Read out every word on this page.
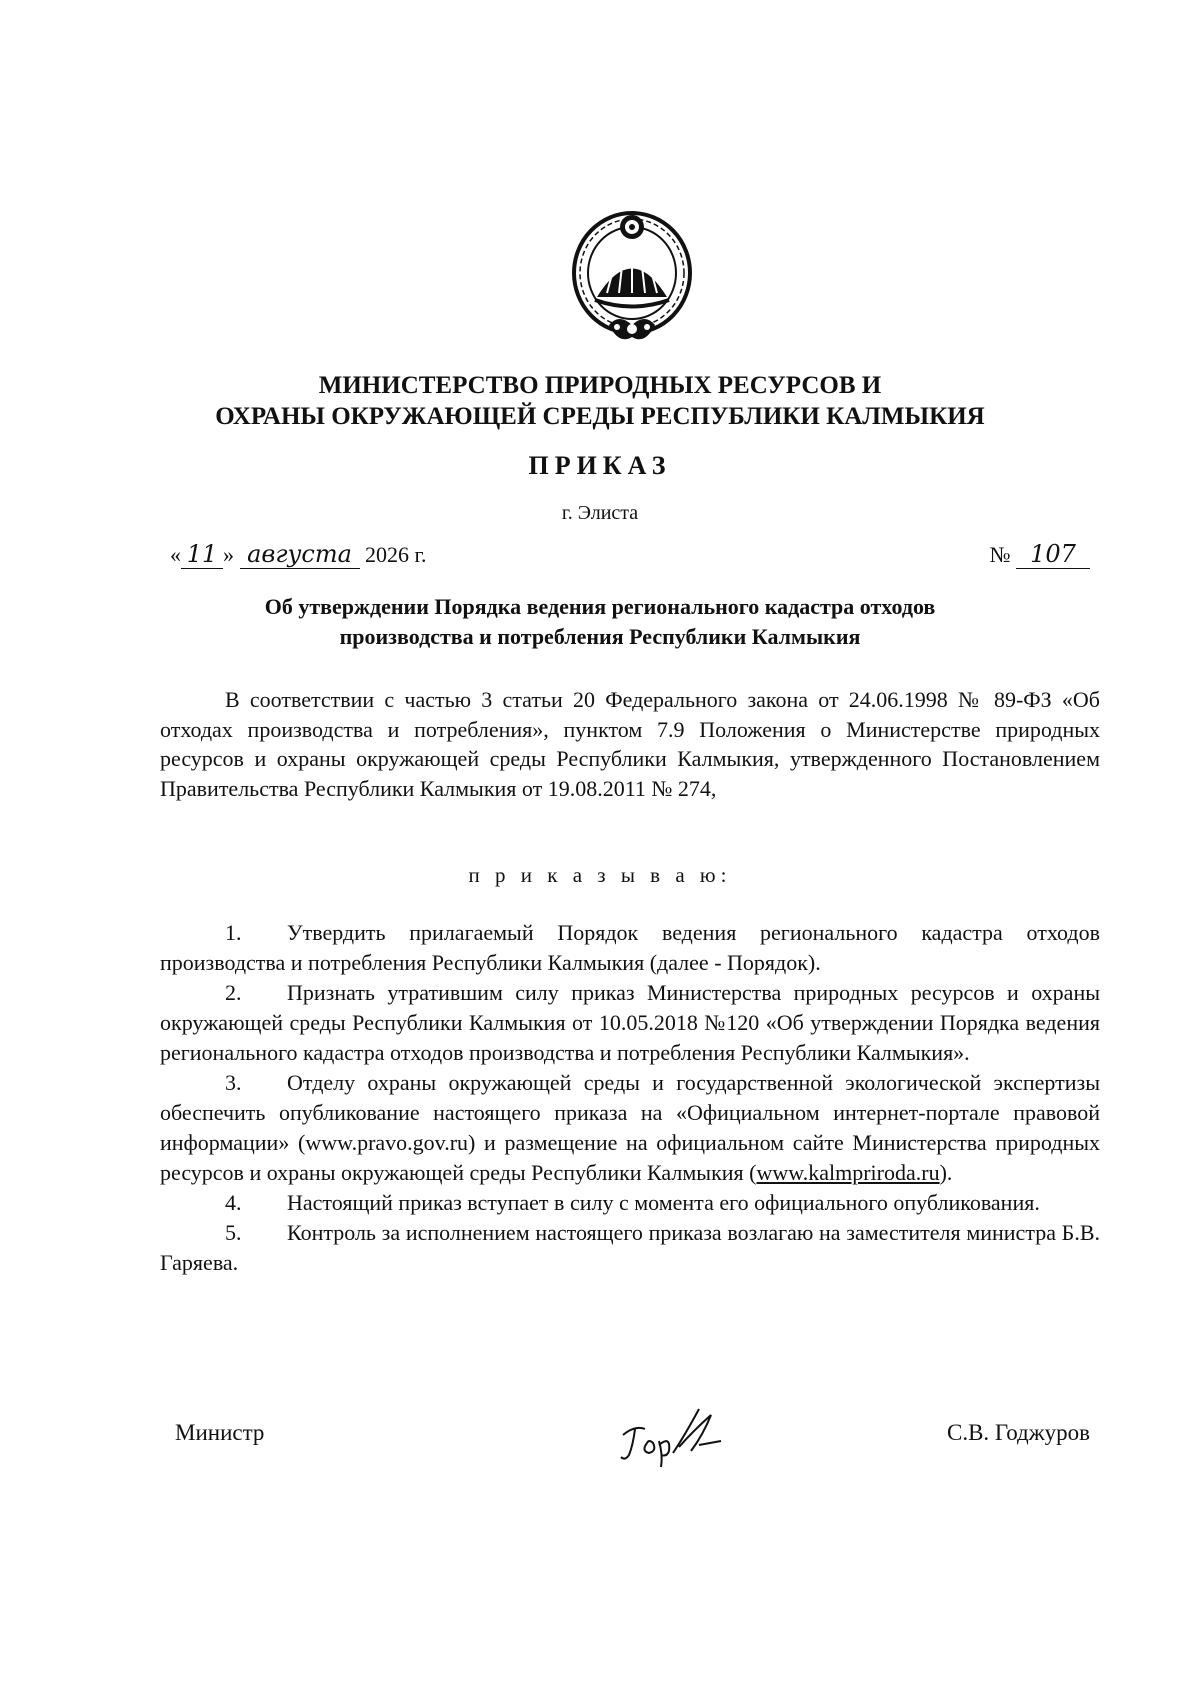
МИНИСТЕРСТВО ПРИРОДНЫХ РЕСУРСОВ И
ОХРАНЫ ОКРУЖАЮЩЕЙ СРЕДЫ РЕСПУБЛИКИ КАЛМЫКИЯ
ПРИКАЗ
г. Элиста
« 11 » августа 2026 г.	№ 107
Об утверждении Порядка ведения регионального кадастра отходов
производства и потребления Республики Калмыкия

В соответствии с частью 3 статьи 20 Федерального закона от 24.06.1998 № 89-ФЗ «Об отходах производства и потребления», пунктом 7.9 Положения о Министерстве природных ресурсов и охраны окружающей среды Республики Калмыкия, утвержденного Постановлением Правительства Республики Калмыкия от 19.08.2011 № 274,

п р и к а з ы в а ю:
1. Утвердить прилагаемый Порядок ведения регионального кадастра отходов производства и потребления Республики Калмыкия (далее - Порядок).
2. Признать утратившим силу приказ Министерства природных ресурсов и охраны окружающей среды Республики Калмыкия от 10.05.2018 №120 «Об утверждении Порядка ведения регионального кадастра отходов производства и потребления Республики Калмыкия».
3. Отделу охраны окружающей среды и государственной экологической экспертизы обеспечить опубликование настоящего приказа на «Официальном интернет-портале правовой информации» (www.pravo.gov.ru) и размещение на официальном сайте Министерства природных ресурсов и охраны окружающей среды Республики Калмыкия (www.kalmpriroda.ru).
4. Настоящий приказ вступает в силу с момента его официального опубликования.
5. Контроль за исполнением настоящего приказа возлагаю на заместителя министра Б.В. Гаряева.
Министр	С.В. Годжуров
